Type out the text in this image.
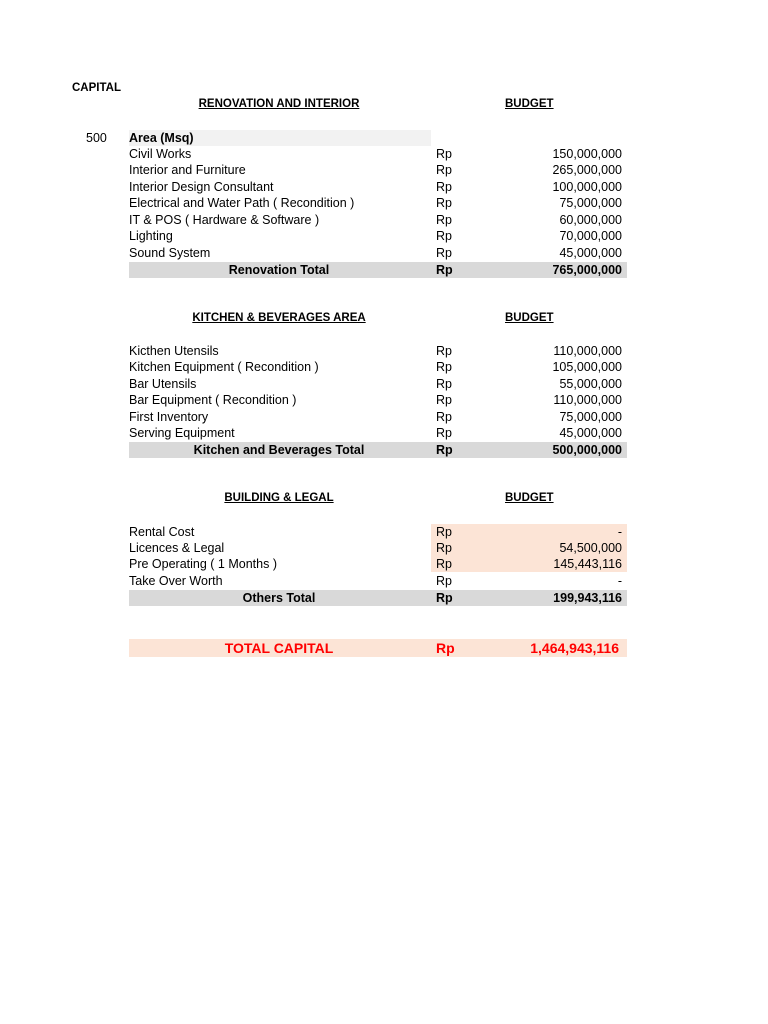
CAPITAL
RENOVATION AND INTERIOR	BUDGET
500 Area (Msq)
Civil Works	Rp	150,000,000
Interior and Furniture	Rp	265,000,000
Interior Design Consultant	Rp	100,000,000
Electrical and Water Path ( Recondition )	Rp	75,000,000
IT & POS ( Hardware & Software )	Rp	60,000,000
Lighting	Rp	70,000,000
Sound System	Rp	45,000,000
Renovation Total	Rp	765,000,000
KITCHEN & BEVERAGES AREA	BUDGET
Kicthen Utensils	Rp	110,000,000
Kitchen Equipment ( Recondition )	Rp	105,000,000
Bar Utensils	Rp	55,000,000
Bar Equipment ( Recondition )	Rp	110,000,000
First Inventory	Rp	75,000,000
Serving Equipment	Rp	45,000,000
Kitchen and Beverages Total	Rp	500,000,000
BUILDING & LEGAL	BUDGET
Rental Cost	Rp	-
Licences & Legal	Rp	54,500,000
Pre Operating ( 1 Months )	Rp	145,443,116
Take Over Worth	Rp	-
Others Total	Rp	199,943,116
TOTAL CAPITAL	Rp	1,464,943,116
